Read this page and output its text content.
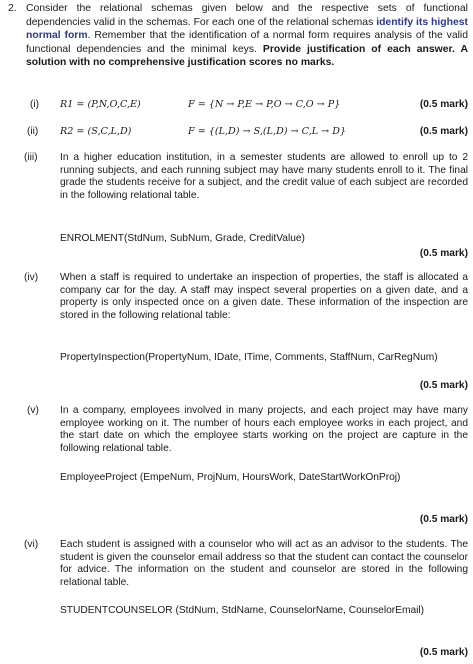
2. Consider the relational schemas given below and the respective sets of functional dependencies valid in the schemas. For each one of the relational schemas identify its highest normal form. Remember that the identification of a normal form requires analysis of the valid functional dependencies and the minimal keys. Provide justification of each answer. A solution with no comprehensive justification scores no marks.
(i)	R1 = (P,N,O,C,E)	F = {N → P,E → P,O → C,O → P}	(0.5 mark)
(ii)	R2 = (S,C,L,D)	F = {(L,D) → S,(L,D) → C,L → D}	(0.5 mark)
(iii)	In a higher education institution, in a semester students are allowed to enroll up to 2 running subjects, and each running subject may have many students enroll to it. The final grade the students receive for a subject, and the credit value of each subject are recorded in the following relational table.
ENROLMENT(StdNum, SubNum, Grade, CreditValue)
(0.5 mark)
(iv)	When a staff is required to undertake an inspection of properties, the staff is allocated a company car for the day. A staff may inspect several properties on a given date, and a property is only inspected once on a given date. These information of the inspection are stored in the following relational table:
PropertyInspection(PropertyNum, IDate, ITime, Comments, StaffNum, CarRegNum)
(0.5 mark)
(v)	In a company, employees involved in many projects, and each project may have many employee working on it. The number of hours each employee works in each project, and the start date on which the employee starts working on the project are capture in the following relational table.
EmployeeProject (EmpeNum, ProjNum, HoursWork, DateStartWorkOnProj)
(0.5 mark)
(vi)	Each student is assigned with a counselor who will act as an advisor to the students. The student is given the counselor email address so that the student can contact the counselor for advice. The information on the student and counselor are stored in the following relational table.
STUDENTCOUNSELOR (StdNum, StdName, CounselorName, CounselorEmail)
(0.5 mark)
